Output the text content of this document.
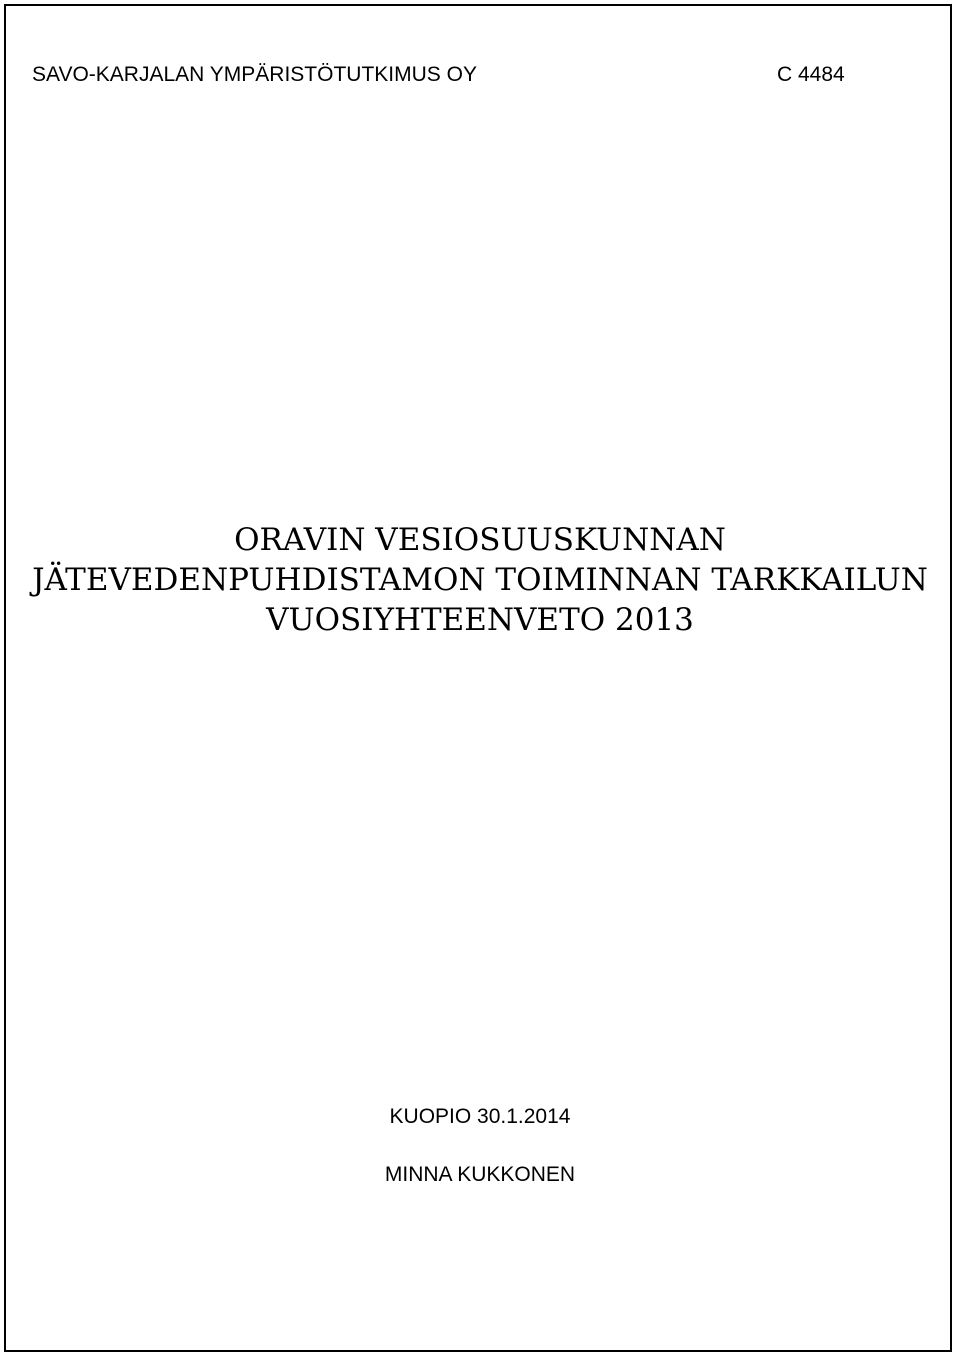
SAVO-KARJALAN YMPÄRISTÖTUTKIMUS OY	C 4484
ORAVIN VESIOSUUSKUNNAN
JÄTEVEDENPUHDISTAMON TOIMINNAN TARKKAILUN
VUOSIYHTEENVETO 2013
KUOPIO 30.1.2014
MINNA KUKKONEN
